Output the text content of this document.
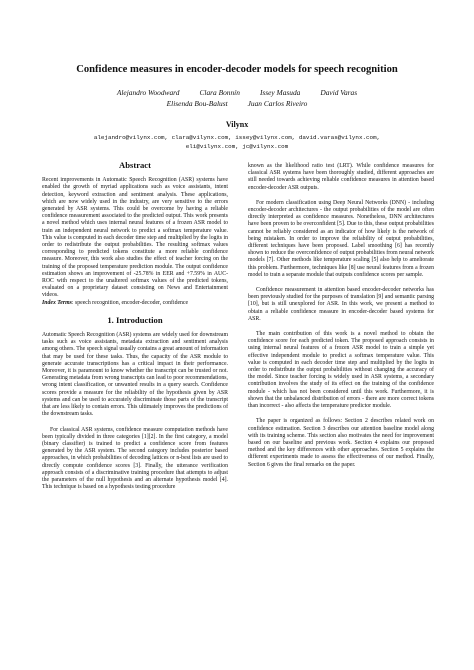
Confidence measures in encoder-decoder models for speech recognition
Alejandro Woodward	Clara Bonnín	Issey Masuda	David Varas
Elisenda Bou-Balust	Juan Carlos Riveiro
Vilynx
alejandro@vilynx.com, clara@vilynx.com, issey@vilynx.com, david.varas@vilynx.com,
eli@vilynx.com, jc@vilynx.com
Abstract

Recent improvements in Automatic Speech Recognition (ASR) systems have enabled the growth of myriad applications such as voice assistants, intent detection, keyword extraction and sentiment analysis. These applications, which are now widely used in the industry, are very sensitive to the errors generated by ASR systems. This could be overcome by having a reliable confidence measurement associated to the predicted output. This work presents a novel method which uses internal neural features of a frozen ASR model to train an independent neural network to predict a softmax temperature value. This value is computed in each decoder time step and multiplied by the logits in order to redistribute the output probabilities. The resulting softmax values corresponding to predicted tokens constitute a more reliable confidence measure. Moreover, this work also studies the effect of teacher forcing on the training of the proposed temperature prediction module. The output confidence estimation shows an improvement of -25.78% in EER and +7.59% in AUC-ROC with respect to the unaltered softmax values of the predicted tokens, evaluated on a proprietary dataset consisting on News and Entertainment videos.

Index Terms: speech recognition, encoder-decoder, confidence

1. Introduction

Automatic Speech Recognition (ASR) systems are widely used for downstream tasks such as voice assistants, metadata extraction and sentiment analysis among others. The speech signal usually contains a great amount of information that may be used for these tasks. Thus, the capacity of the ASR module to generate accurate transcriptions has a critical impact in their performance. Moreover, it is paramount to know whether the transcript can be trusted or not. Generating metadata from wrong transcripts can lead to poor recommendations, wrong intent classification, or unwanted results in a query search. Confidence scores provide a measure for the reliability of the hypothesis given by ASR systems and can be used to accurately discriminate those parts of the transcript that are less likely to contain errors. This ultimately improves the predictions of the downstream tasks.

For classical ASR systems, confidence measure computation methods have been typically divided in three categories [1][2]. In the first category, a model (binary classifier) is trained to predict a confidence score from features generated by the ASR system. The second category includes posterior based approaches, in which probabilities of decoding lattices or n-best lists are used to directly compute confidence scores [3]. Finally, the utterance verification approach consists of a discriminative training procedure that attempts to adjust the parameters of the null hypothesis and an alternate hypothesis model [4]. This technique is based on a hypothesis testing procedure

known as the likelihood ratio test (LRT). While confidence measures for classical ASR systems have been thoroughly studied, different approaches are still needed towards achieving reliable confidence measures in attention based encoder-decoder ASR outputs.

For modern classification using Deep Neural Networks (DNN) - including encoder-decoder architectures - the output probabilities of the model are often directly interpreted as confidence measures. Nonetheless, DNN architectures have been proven to be overconfident [5]. Due to this, these output probabilities cannot be reliably considered as an indicator of how likely is the network of being mistaken. In order to improve the reliability of output probabilities, different techniques have been proposed. Label smoothing [6] has recently shown to reduce the overconfidence of output probabilities from neural network models [7]. Other methods like temperature scaling [5] also help to ameliorate this problem. Furthermore, techniques like [8] use neural features from a frozen model to train a separate module that outputs confidence scores per sample.

Confidence measurement in attention based encoder-decoder networks has been previously studied for the purposes of translation [9] and semantic parsing [10], but is still unexplored for ASR. In this work, we present a method to obtain a reliable confidence measure in encoder-decoder based systems for ASR.

The main contribution of this work is a novel method to obtain the confidence score for each predicted token. The proposed approach consists in using internal neural features of a frozen ASR model to train a simple yet effective independent module to predict a softmax temperature value. This value is computed in each decoder time step and multiplied by the logits in order to redistribute the output probabilities without changing the accuracy of the model. Since teacher forcing is widely used in ASR systems, a secondary contribution involves the study of its effect on the training of the confidence module - which has not been considered until this work. Furthermore, it is shown that the unbalanced distribution of errors - there are more correct tokens than incorrect - also affects the temperature predictor module.

The paper is organized as follows: Section 2 describes related work on confidence estimation. Section 3 describes our attention baseline model along with its training scheme. This section also motivates the need for improvement based on our baseline and previous work. Section 4 explains our proposed method and the key differences with other approaches. Section 5 explains the different experiments made to assess the effectiveness of our method. Finally, Section 6 gives the final remarks on the paper.
